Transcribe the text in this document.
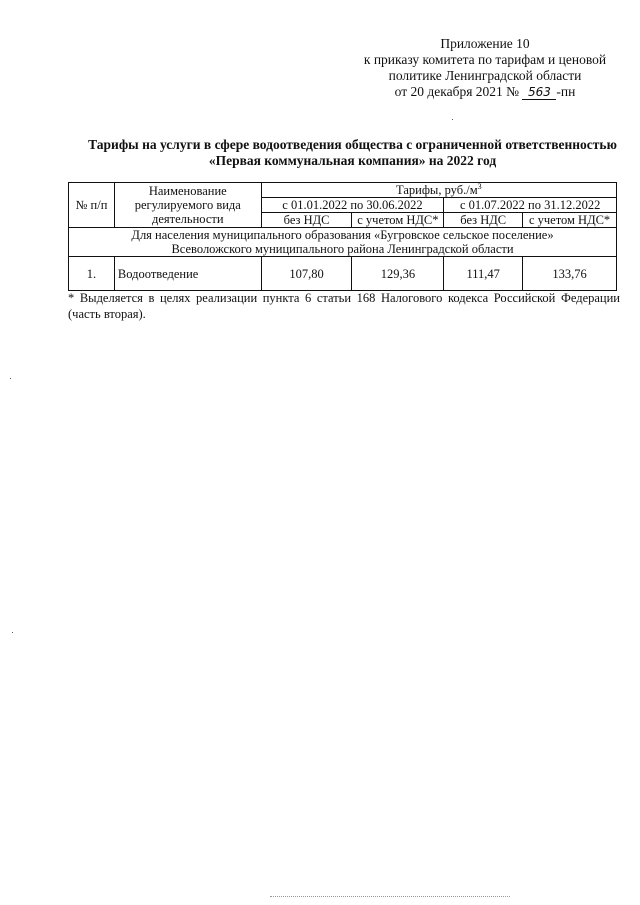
Приложение 10
к приказу комитета по тарифам и ценовой
политике Ленинградской области
от 20 декабря 2021 № 563 -пн
Тарифы на услуги в сфере водоотведения общества с ограниченной ответственностью
«Первая коммунальная компания» на 2022 год
№ п/п	Наименование регулируемого вида деятельности	Тарифы, $руб./м^3$
		с 01.01.2022 по 30.06.2022		с 01.07.2022 по 31.12.2022	
		без НДС	с учетом НДС*	без НДС	с учетом НДС*

Для населения муниципального образования «Бугровское сельское поселение»
Всеволожского муниципального района Ленинградской области					

1.	Водоотведение	107,80	129,36	111,47	133,76
* Выделяется в целях реализации пункта 6 статьи 168 Налогового кодекса Российской Федерации (часть вторая).
